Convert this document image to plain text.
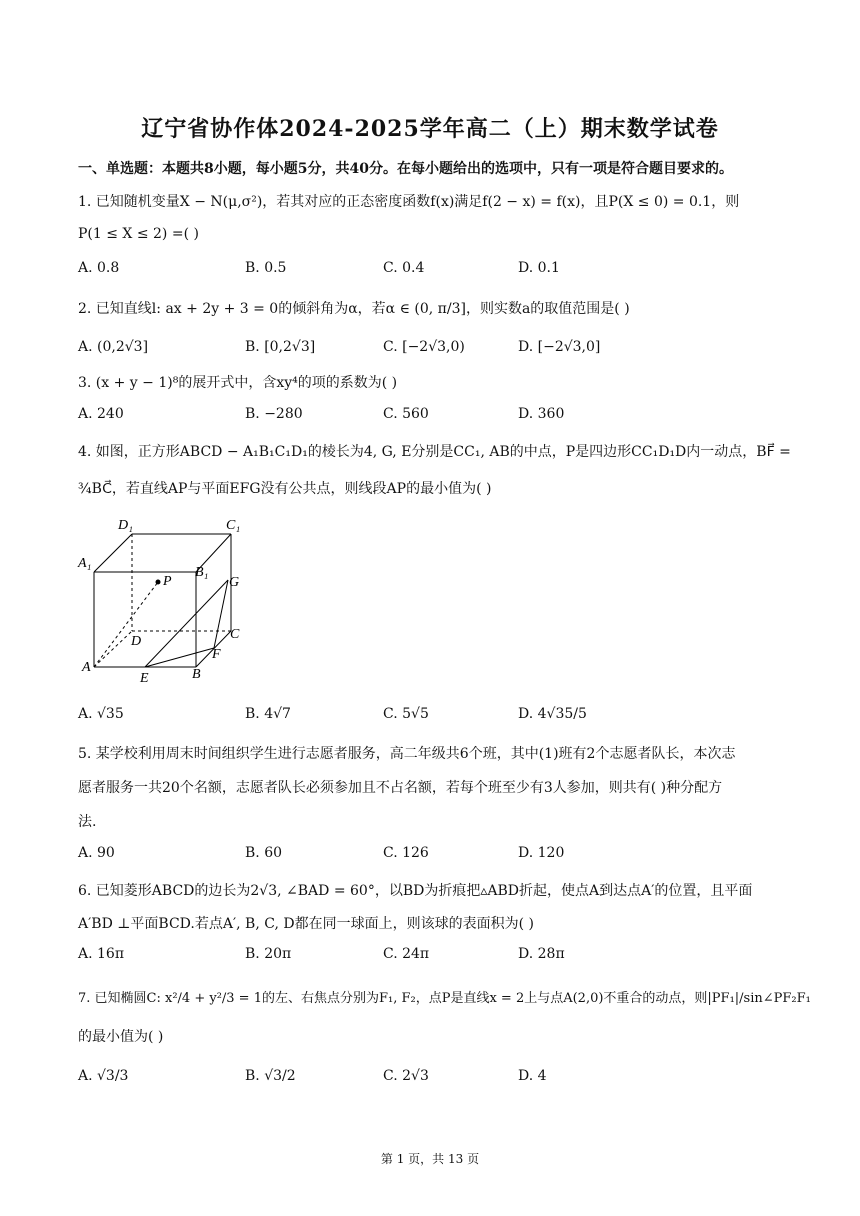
辽宁省协作体2024-2025学年高二（上）期末数学试卷
一、单选题：本题共8小题，每小题5分，共40分。在每小题给出的选项中，只有一项是符合题目要求的。
1. 已知随机变量X − N(μ,σ²)，若其对应的正态密度函数f(x)满足f(2 − x) = f(x)，且P(X ≤ 0) = 0.1，则
P(1 ≤ X ≤ 2) =( )
A. 0.8	B. 0.5	C. 0.4	D. 0.1
2. 已知直线l: ax + 2y + 3 = 0的倾斜角为α，若α ∈ (0, π/3]，则实数a的取值范围是( )
A. (0,2√3]	B. [0,2√3]	C. [−2√3,0)	D. [−2√3,0]
3. (x + y − 1)⁸的展开式中，含xy⁴的项的系数为( )
A. 240	B. −280	C. 560	D. 360
4. 如图，正方形ABCD − A₁B₁C₁D₁的棱长为4, G, E分别是CC₁, AB的中点，P是四边形CC₁D₁D内一动点，BF⃗ =
¾BC⃗，若直线AP与平面EFG没有公共点，则线段AP的最小值为( )
D₁	C₁
A₁
B₁
P	G
D	C
F
A
E	B
A. √35	B. 4√7	C. 5√5	D. 4√35/5
5. 某学校利用周末时间组织学生进行志愿者服务，高二年级共6个班，其中(1)班有2个志愿者队长，本次志
愿者服务一共20个名额，志愿者队长必须参加且不占名额，若每个班至少有3人参加，则共有( )种分配方
法.
A. 90	B. 60	C. 126	D. 120
6. 已知菱形ABCD的边长为2√3, ∠BAD = 60°，以BD为折痕把▵ABD折起，使点A到达点A′的位置，且平面
A′BD ⊥平面BCD.若点A′, B, C, D都在同一球面上，则该球的表面积为( )
A. 16π	B. 20π	C. 24π	D. 28π
7. 已知椭圆C: x²/4 + y²/3 = 1的左、右焦点分别为F₁, F₂，点P是直线x = 2上与点A(2,0)不重合的动点，则|PF₁|/sin∠PF₂F₁
的最小值为( )
A. √3/3	B. √3/2	C. 2√3	D. 4
第 1 页，共 13 页
